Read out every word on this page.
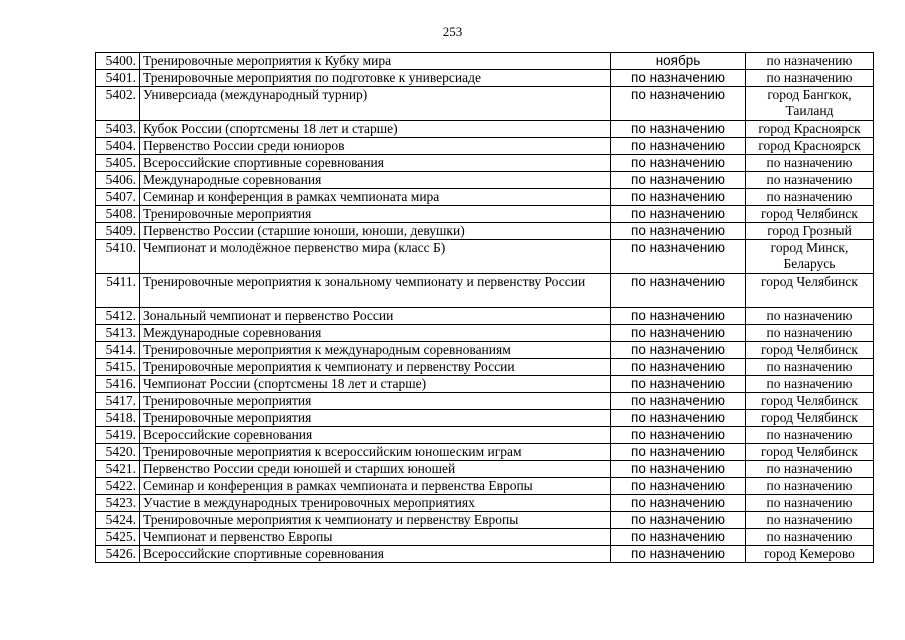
253
5400.	Тренировочные мероприятия к Кубку мира	ноябрь	по назначению
5401.	Тренировочные мероприятия по подготовке к универсиаде	по назначению	по назначению
5402.	Универсиада (международный турнир)	по назначению	город Бангкок, Таиланд
5403.	Кубок России (спортсмены 18 лет и старше)	по назначению	город Красноярск
5404.	Первенство России среди юниоров	по назначению	город Красноярск
5405.	Всероссийские спортивные соревнования	по назначению	по назначению
5406.	Международные соревнования	по назначению	по назначению
5407.	Семинар и конференция в рамках чемпионата мира	по назначению	по назначению
5408.	Тренировочные мероприятия	по назначению	город Челябинск
5409.	Первенство России (старшие юноши, юноши, девушки)	по назначению	город Грозный
5410.	Чемпионат и молодёжное первенство мира (класс Б)	по назначению	город Минск, Беларусь
5411.	Тренировочные мероприятия к зональному чемпионату и первенству России	по назначению	город Челябинск
5412.	Зональный чемпионат и первенство России	по назначению	по назначению
5413.	Международные соревнования	по назначению	по назначению
5414.	Тренировочные мероприятия к международным соревнованиям	по назначению	город Челябинск
5415.	Тренировочные мероприятия к чемпионату и первенству России	по назначению	по назначению
5416.	Чемпионат России (спортсмены 18 лет и старше)	по назначению	по назначению
5417.	Тренировочные мероприятия	по назначению	город Челябинск
5418.	Тренировочные мероприятия	по назначению	город Челябинск
5419.	Всероссийские соревнования	по назначению	по назначению
5420.	Тренировочные мероприятия к всероссийским юношеским играм	по назначению	город Челябинск
5421.	Первенство России среди юношей и старших юношей	по назначению	по назначению
5422.	Семинар и конференция в рамках чемпионата и первенства Европы	по назначению	по назначению
5423.	Участие в международных тренировочных мероприятиях	по назначению	по назначению
5424.	Тренировочные мероприятия к чемпионату и первенству Европы	по назначению	по назначению
5425.	Чемпионат и первенство Европы	по назначению	по назначению
5426.	Всероссийские спортивные соревнования	по назначению	город Кемерово
